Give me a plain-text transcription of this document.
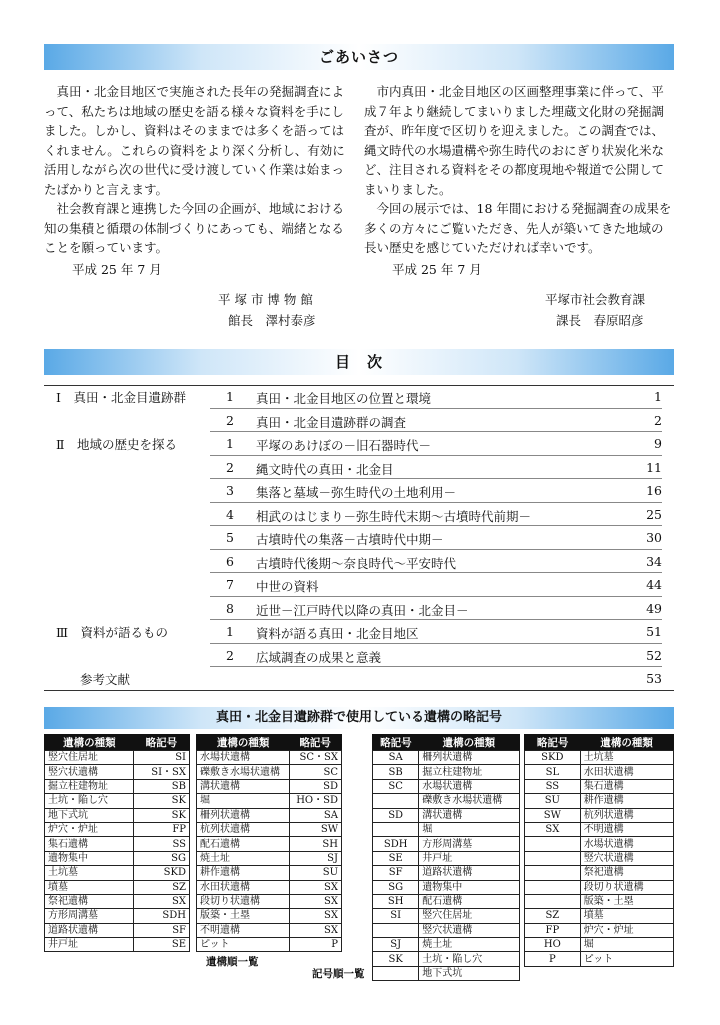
ごあいさつ

真田・北金目地区で実施された長年の発掘調査によって、私たちは地域の歴史を語る様々な資料を手にしました。しかし、資料はそのままでは多くを語ってはくれません。これらの資料をより深く分析し、有効に活用しながら次の世代に受け渡していく作業は始まったばかりと言えます。

社会教育課と連携した今回の企画が、地域における知の集積と循環の体制づくりにあっても、端緒となることを願っています。

平成 25 年 7 月

平 塚 市 博 物 館
館長　澤村泰彦

市内真田・北金目地区の区画整理事業に伴って、平成７年より継続してまいりました埋蔵文化財の発掘調査が、昨年度で区切りを迎えました。この調査では、縄文時代の水場遺構や弥生時代のおにぎり状炭化米など、注目される資料をその都度現地や報道で公開してまいりました。

今回の展示では、18 年間における発掘調査の成果を多くの方々にご覧いただき、先人が築いてきた地域の長い歴史を感じていただければ幸いです。

平成 25 年 7 月

平塚市社会教育課
課長　春原昭彦
目　次
Ⅰ　真田・北金目遺跡群	1 真田・北金目地区の位置と環境	1
2 真田・北金目遺跡群の調査	2
Ⅱ　地域の歴史を探る	1 平塚のあけぼの－旧石器時代－	9
2 縄文時代の真田・北金目	11
3 集落と墓域－弥生時代の土地利用－	16
4 相武のはじまり－弥生時代末期～古墳時代前期－	25
5 古墳時代の集落－古墳時代中期－	30
6 古墳時代後期～奈良時代～平安時代	34
7 中世の資料	44
8 近世－江戸時代以降の真田・北金目－	49
Ⅲ　資料が語るもの	1 資料が語る真田・北金目地区	51
2 広域調査の成果と意義	52
参考文献	53
真田・北金目遺跡群で使用している遺構の略記号
遺構の種類	略記号
竪穴住居址	SI
竪穴状遺構	SI・SX
掘立柱建物址	SB
土坑・陥し穴	SK
地下式坑	SK
炉穴・炉址	FP
集石遺構	SS
遺物集中	SG
土坑墓	SKD
墳墓	SZ
祭祀遺構	SX
方形周溝墓	SDH
道路状遺構	SF
井戸址	SE
遺構の種類	略記号
水場状遺構	SC・SX
礫敷き水場状遺構	SC
溝状遺構	SD
堀	HO・SD
柵列状遺構	SA
杭列状遺構	SW
配石遺構	SH
焼土址	SJ
耕作遺構	SU
水田状遺構	SX
段切り状遺構	SX
版築・土塁	SX
不明遺構	SX
ピット	P
遺構順一覧
略記号	遺構の種類
SA	柵列状遺構
SB	掘立柱建物址
SC	水場状遺構
	礫敷き水場状遺構
SD	溝状遺構
	堀
SDH	方形周溝墓
SE	井戸址
SF	道路状遺構
SG	遺物集中
SH	配石遺構
SI	竪穴住居址
	竪穴状遺構
SJ	焼土址
SK	土坑・陥し穴
	地下式坑
略記号	遺構の種類
SKD	土坑墓
SL	水田状遺構
SS	集石遺構
SU	耕作遺構
SW	杭列状遺構
SX	不明遺構
	水場状遺構
	竪穴状遺構
	祭祀遺構
	段切り状遺構
	版築・土塁
SZ	墳墓
FP	炉穴・炉址
HO	堀
P	ピット
記号順一覧
